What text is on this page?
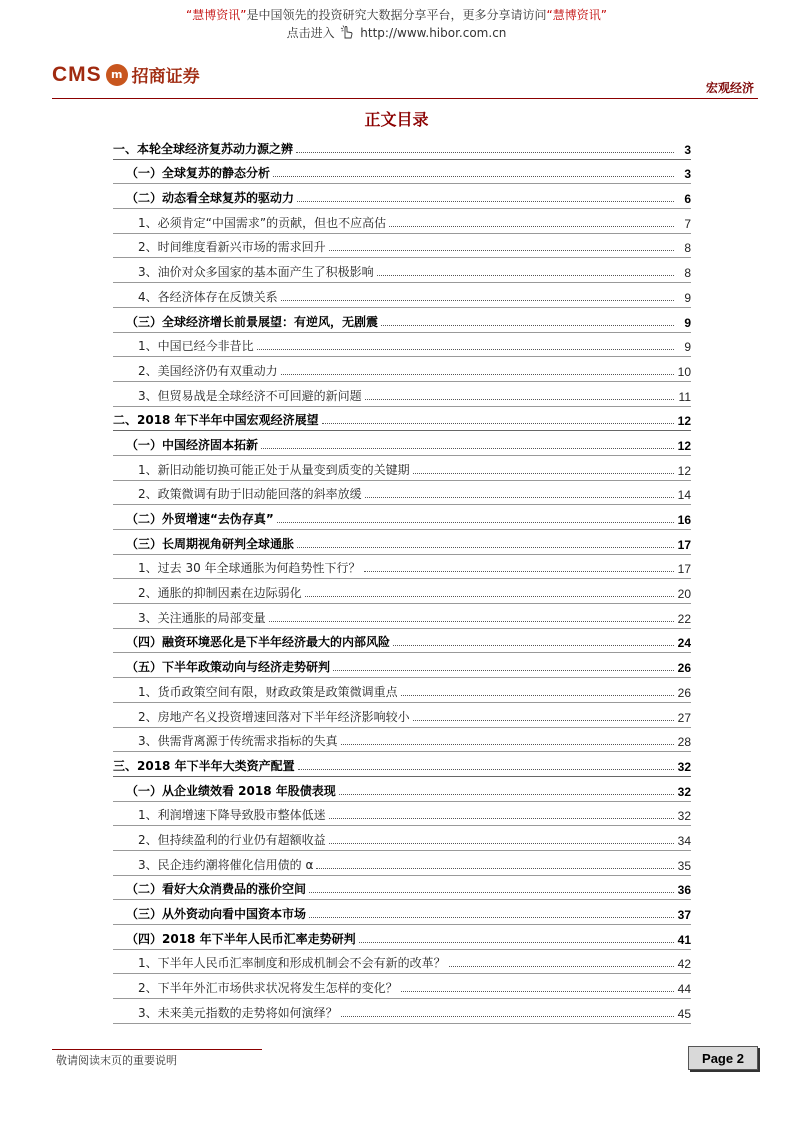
“慧博资讯”是中国领先的投资研究大数据分享平台，更多分享请访问“慧博资讯”
点击进入 http://www.hibor.com.cn
CMS m 招商证券
宏观经济
正文目录
一、本轮全球经济复苏动力源之辨	3
（一）全球复苏的静态分析	3
（二）动态看全球复苏的驱动力	6
1、必须肯定“中国需求”的贡献，但也不应高估	7
2、时间维度看新兴市场的需求回升	8
3、油价对众多国家的基本面产生了积极影响	8
4、各经济体存在反馈关系	9
（三）全球经济增长前景展望：有逆风，无剧震	9
1、中国已经今非昔比	9
2、美国经济仍有双重动力	10
3、但贸易战是全球经济不可回避的新问题	11
二、2018 年下半年中国宏观经济展望	12
（一）中国经济固本拓新	12
1、新旧动能切换可能正处于从量变到质变的关键期	12
2、政策微调有助于旧动能回落的斜率放缓	14
（二）外贸增速“去伪存真”	16
（三）长周期视角研判全球通胀	17
1、过去 30 年全球通胀为何趋势性下行？	17
2、通胀的抑制因素在边际弱化	20
3、关注通胀的局部变量	22
（四）融资环境恶化是下半年经济最大的内部风险	24
（五）下半年政策动向与经济走势研判	26
1、货币政策空间有限，财政政策是政策微调重点	26
2、房地产名义投资增速回落对下半年经济影响较小	27
3、供需背离源于传统需求指标的失真	28
三、2018 年下半年大类资产配置	32
（一）从企业绩效看 2018 年股债表现	32
1、利润增速下降导致股市整体低迷	32
2、但持续盈利的行业仍有超额收益	34
3、民企违约潮将催化信用债的 α	35
（二）看好大众消费品的涨价空间	36
（三）从外资动向看中国资本市场	37
（四）2018 年下半年人民币汇率走势研判	41
1、下半年人民币汇率制度和形成机制会不会有新的改革？	42
2、下半年外汇市场供求状况将发生怎样的变化？	44
3、未来美元指数的走势将如何演绎？	45
敬请阅读末页的重要说明	Page 2
